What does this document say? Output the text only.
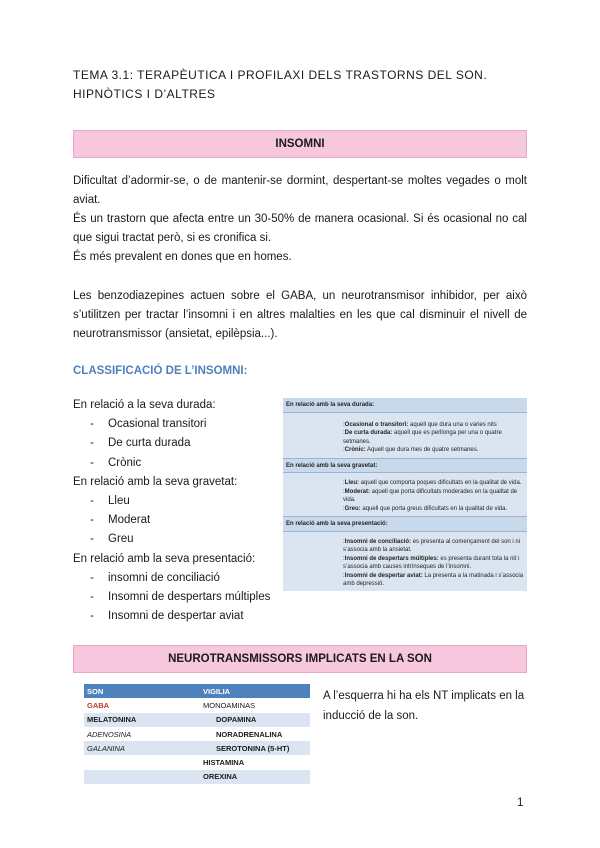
TEMA 3.1: TERAPÈUTICA I PROFILAXI DELS TRASTORNS DEL SON. HIPNÒTICS I D’ALTRES
INSOMNI

Dificultat d’adormir-se, o de mantenir-se dormint, despertant-se moltes vegades o molt aviat.

És un trastorn que afecta entre un 30-50% de manera ocasional. Si és ocasional no cal que sigui tractat però, si es cronifica si.

És més prevalent en dones que en homes.

Les benzodiazepines actuen sobre el GABA, un neurotransmisor inhibidor, per això s’utilitzen per tractar l’insomni i en altres malalties en les que cal disminuir el nivell de neurotransmissor (ansietat, epilèpsia...).
CLASSIFICACIÓ DE L’INSOMNI:
En relació a la seva durada:
- Ocasional transitori
- De curta durada
- Crònic
En relació amb la seva gravetat:
- Lleu
- Moderat
- Greu
En relació amb la seva presentació:
- insomni de conciliació
- Insomni de despertars múltiples
- Insomni de despertar aviat
En relació amb la seva durada:
:Ocasional o transitori: aquell que dura una o varies nits
:De curta durada: aquell que es perllonga per una o quatre setmanes.
:Crònic: Aquell que dura mes de quatre setmanes.
En relació amb la seva gravetat:
:Lleu: aquell que comporta poques dificultats en la qualitat de vida.
:Moderat: aquell que porta dificultats moderades en la qualitat de vida.
:Greu: aquell que porta greus dificultats en la qualitat de vida.
En relació amb la seva presentació:
:Insomni de conciliació: es presenta al començament del son i ni s’associa amb la ansietat.
:Insomni de despertars múltiples: es presenta durant tota la nit i s’associa amb causes intrínseques de l’insomni.
:Insomni de despertar aviat: La presenta a la matinada i s’associa amb depressió.
NEUROTRANSMISSORS IMPLICATS EN LA SON
SON	VIGILIA
GABA	MONOAMINAS
MELATONINA	DOPAMINA
ADENOSINA	NORADRENALINA
GALANINA	SEROTONINA (5-HT)
	HISTAMINA
	OREXINA

A l’esquerra hi ha els NT implicats en la inducció de la son.
1
